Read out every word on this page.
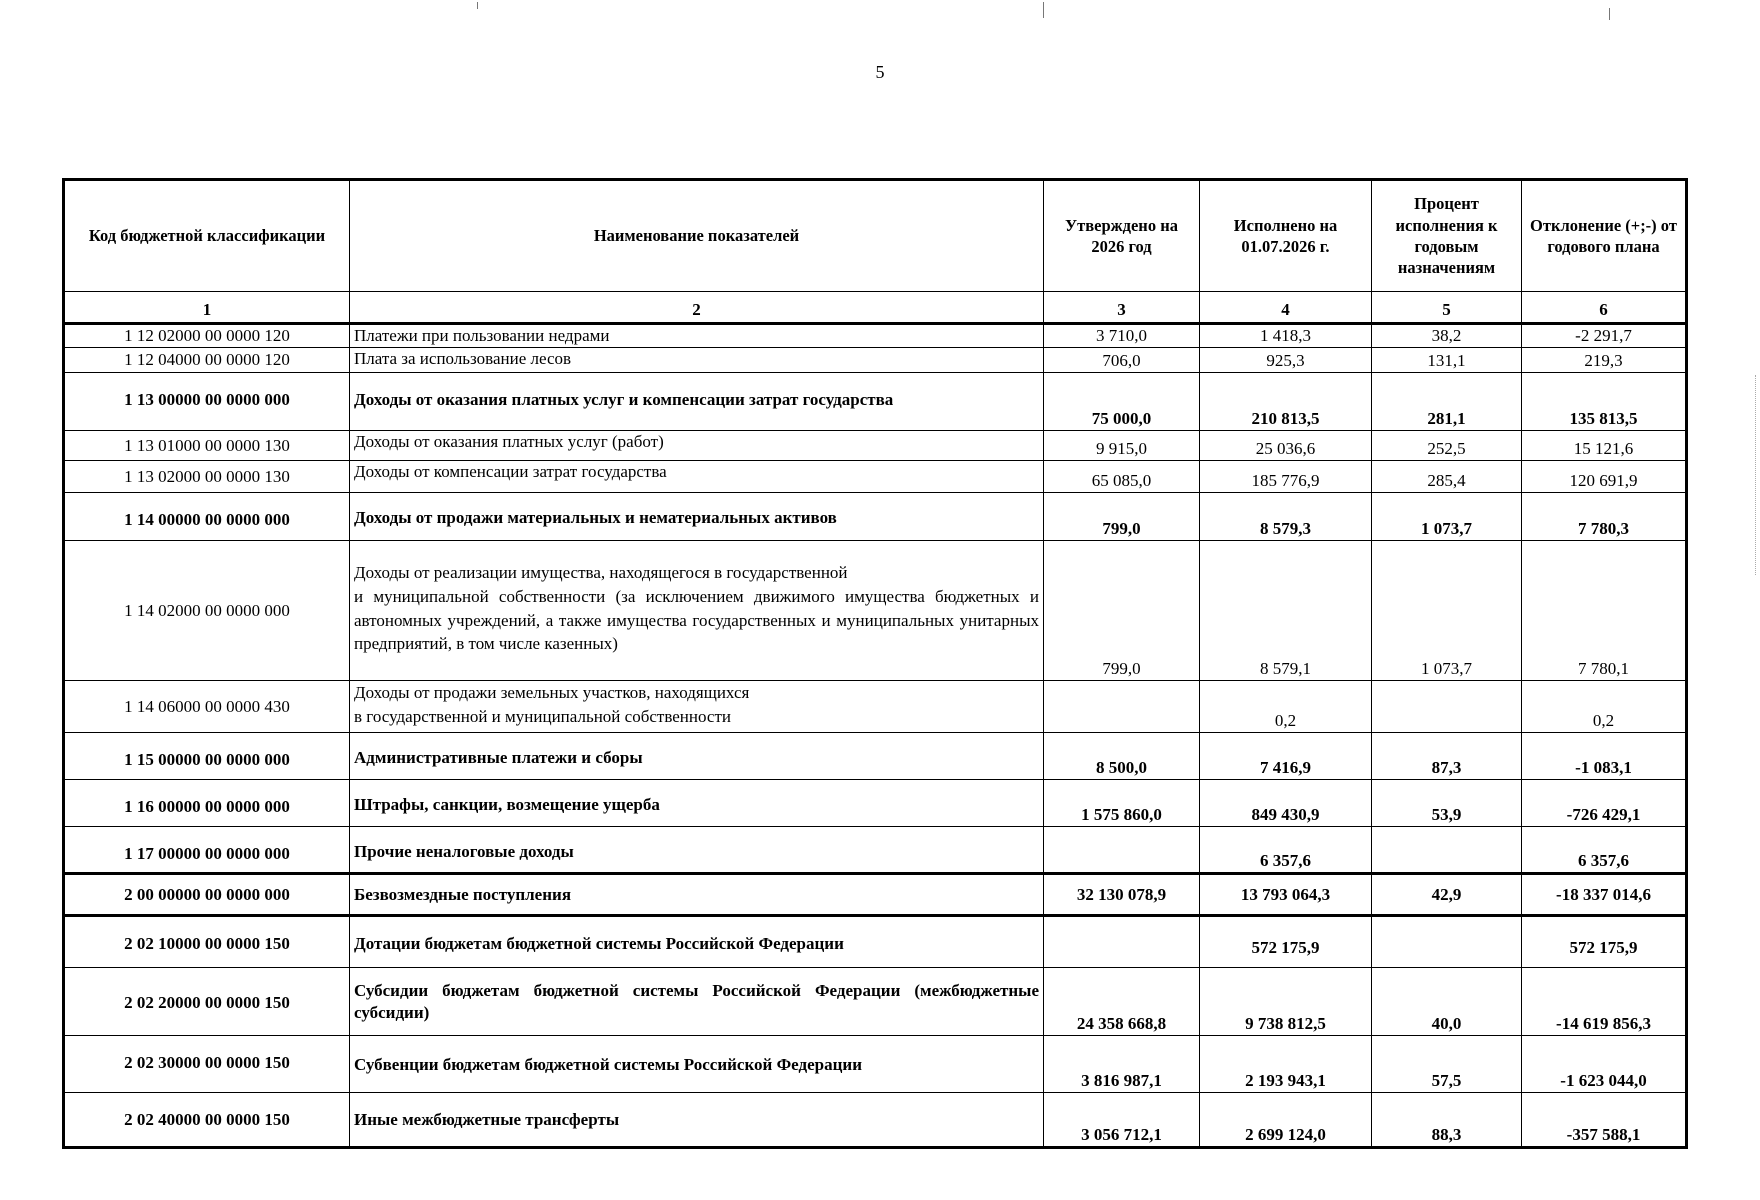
5
Код бюджетной классификации	Наименование показателей	Утверждено на 2026 год	Исполнено на 01.07.2026 г.	Процент исполнения к годовым назначениям	Отклонение (+;-) от годового плана
1	2	3	4	5	6
1 12 02000 00 0000 120	Платежи при пользовании недрами	3 710,0	1 418,3	38,2	-2 291,7
1 12 04000 00 0000 120	Плата за использование лесов	706,0	925,3	131,1	219,3
1 13 00000 00 0000 000	Доходы от оказания платных услуг и компенсации затрат государства	75 000,0	210 813,5	281,1	135 813,5
1 13 01000 00 0000 130	Доходы от оказания платных услуг (работ)	9 915,0	25 036,6	252,5	15 121,6
1 13 02000 00 0000 130	Доходы от компенсации затрат государства	65 085,0	185 776,9	285,4	120 691,9
1 14 00000 00 0000 000	Доходы от продажи материальных и нематериальных активов	799,0	8 579,3	1 073,7	7 780,3
1 14 02000 00 0000 000	Доходы от реализации имущества, находящегося в государственной
и муниципальной собственности (за исключением движимого имущества бюджетных и автономных учреждений, а также имущества государственных и муниципальных унитарных предприятий, в том числе казенных)	799,0	8 579,1	1 073,7	7 780,1
1 14 06000 00 0000 430	Доходы от продажи земельных участков, находящихся
в государственной и муниципальной собственности		0,2		0,2
1 15 00000 00 0000 000	Административные платежи и сборы	8 500,0	7 416,9	87,3	-1 083,1
1 16 00000 00 0000 000	Штрафы, санкции, возмещение ущерба	1 575 860,0	849 430,9	53,9	-726 429,1
1 17 00000 00 0000 000	Прочие неналоговые доходы		6 357,6		6 357,6
2 00 00000 00 0000 000	Безвозмездные поступления	32 130 078,9	13 793 064,3	42,9	-18 337 014,6
2 02 10000 00 0000 150	Дотации бюджетам бюджетной системы Российской Федерации		572 175,9		572 175,9
2 02 20000 00 0000 150	Субсидии бюджетам бюджетной системы Российской Федерации (межбюджетные субсидии)	24 358 668,8	9 738 812,5	40,0	-14 619 856,3
2 02 30000 00 0000 150	Субвенции бюджетам бюджетной системы Российской Федерации	3 816 987,1	2 193 943,1	57,5	-1 623 044,0
2 02 40000 00 0000 150	Иные межбюджетные трансферты	3 056 712,1	2 699 124,0	88,3	-357 588,1
